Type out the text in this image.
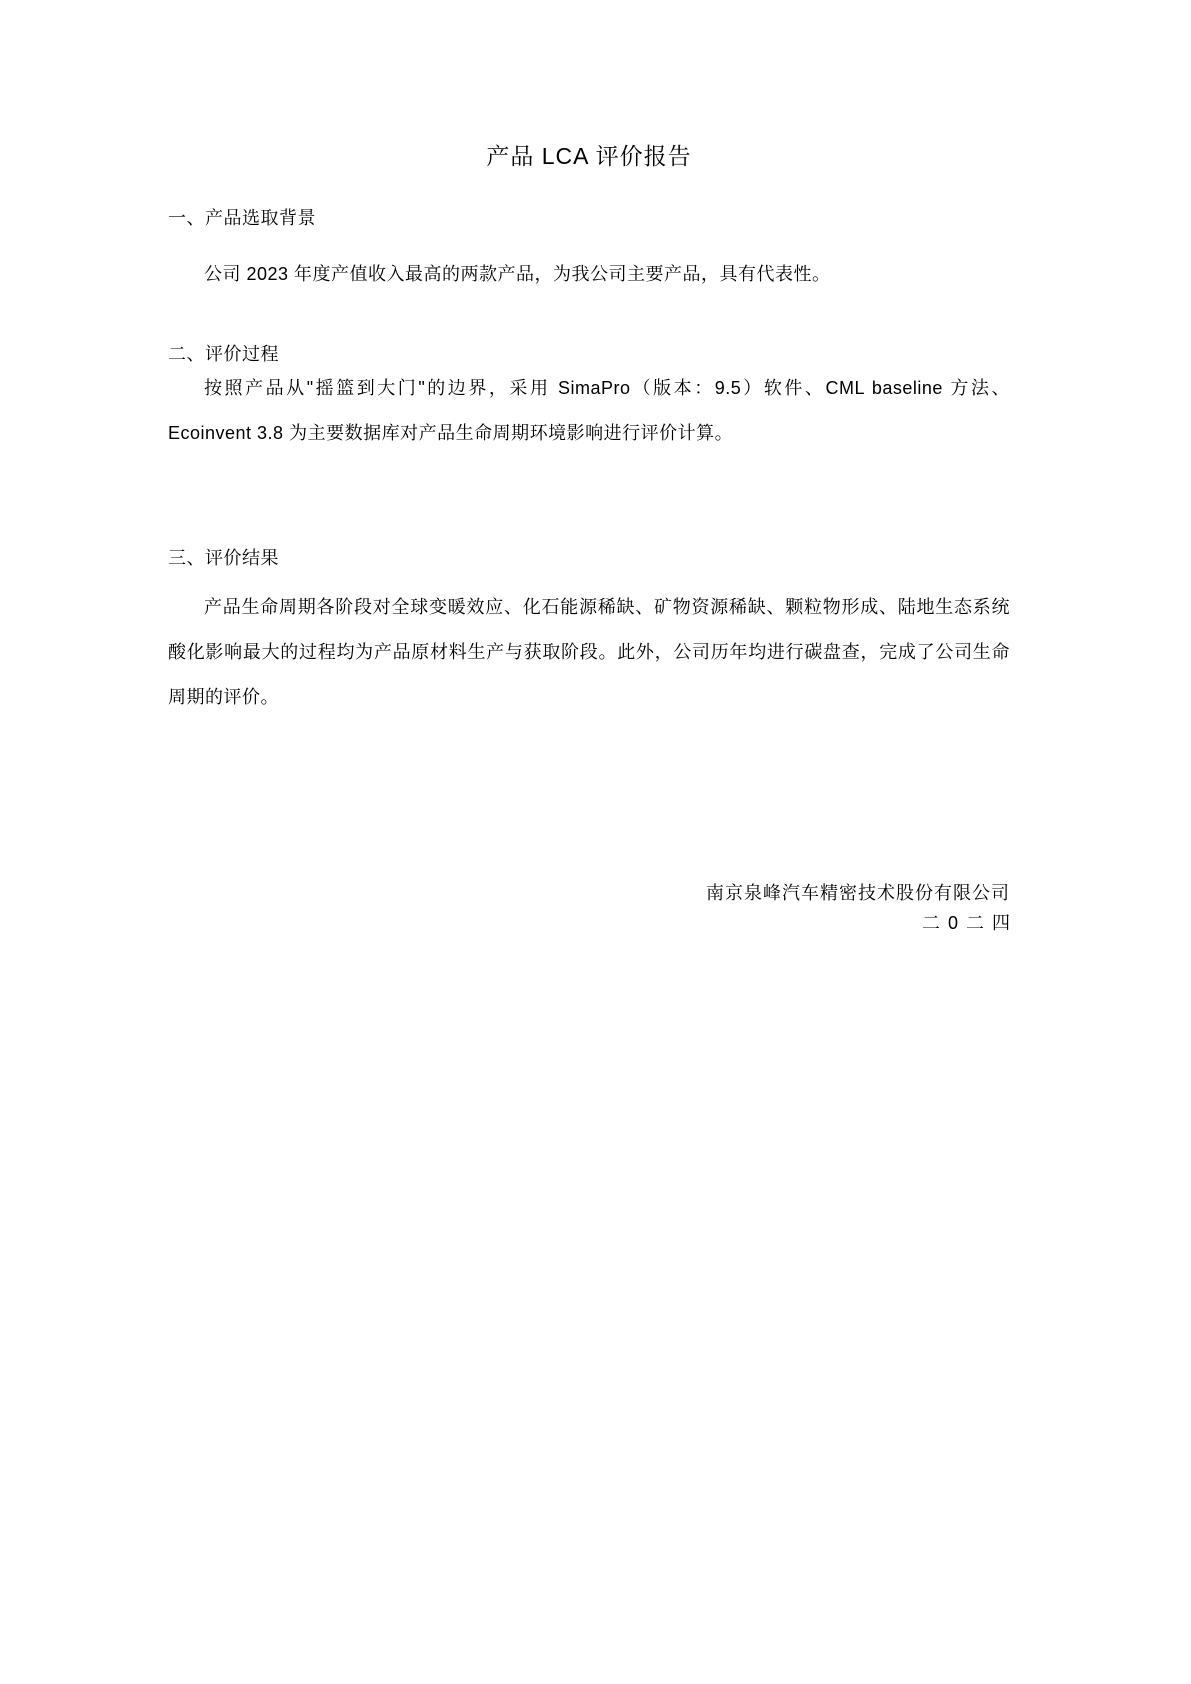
产品 LCA 评价报告
一、产品选取背景

公司 2023 年度产值收入最高的两款产品，为我公司主要产品，具有代表性。

二、评价过程

按照产品从"摇篮到大门"的边界，采用 SimaPro（版本：9.5）软件、CML baseline 方法、Ecoinvent 3.8 为主要数据库对产品生命周期环境影响进行评价计算。

三、评价结果

产品生命周期各阶段对全球变暖效应、化石能源稀缺、矿物资源稀缺、颗粒物形成、陆地生态系统酸化影响最大的过程均为产品原材料生产与获取阶段。此外，公司历年均进行碳盘查，完成了公司生命周期的评价。

南京泉峰汽车精密技术股份有限公司
二0二四
